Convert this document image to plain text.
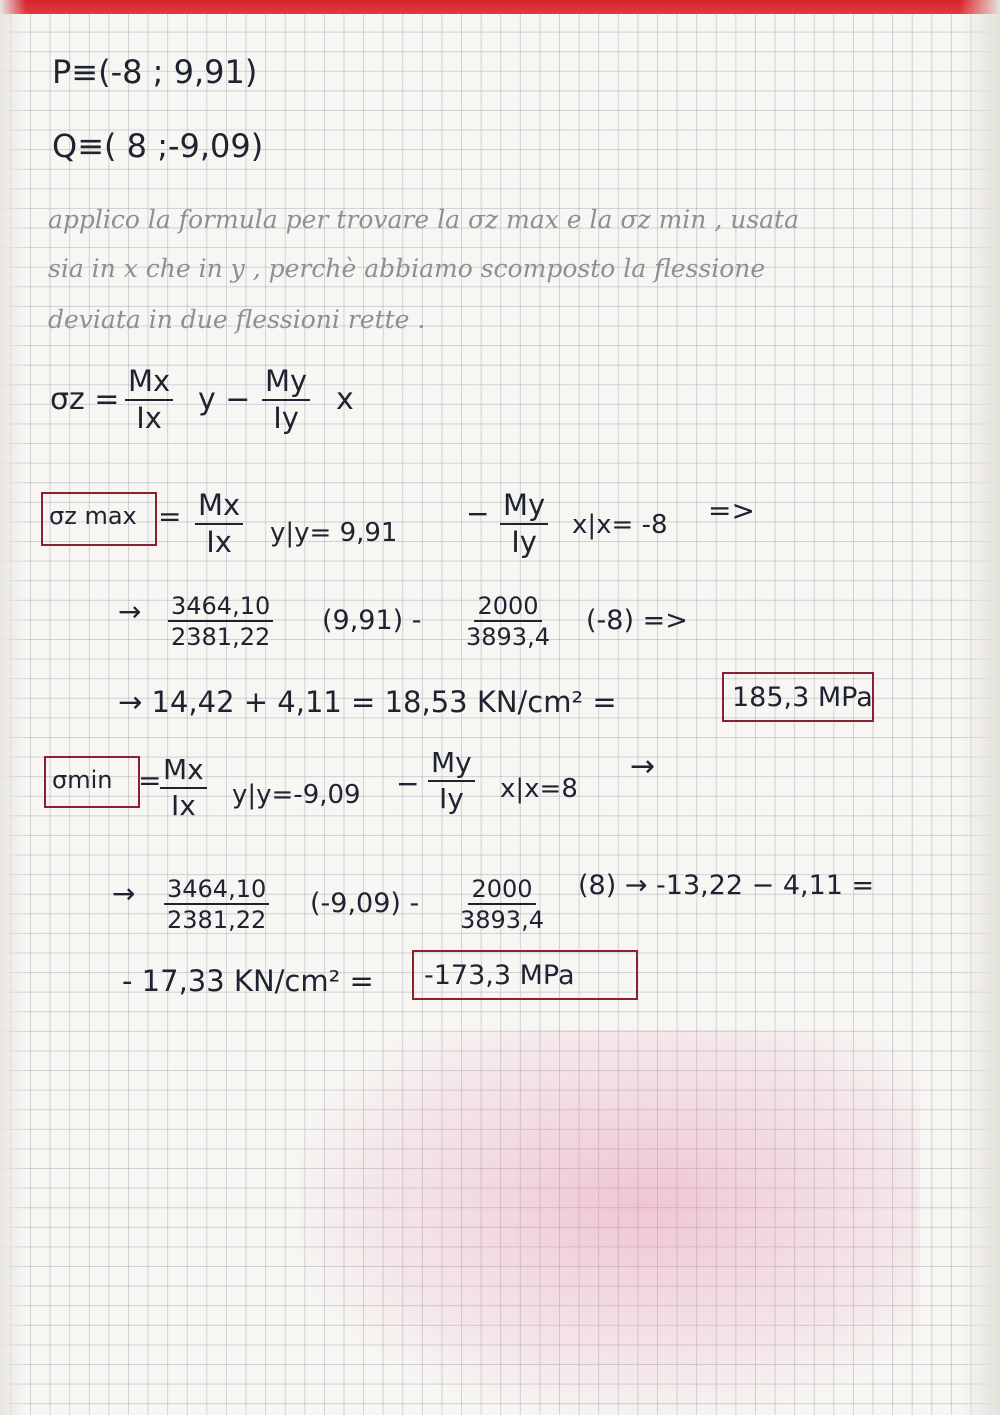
P≡(-8 ; 9,91)
Q≡( 8 ;-9,09)
applico la formula per trovare la σz max e la σz min , usata
sia in x che in y , perchè abbiamo scomposto la flessione
deviata in due flessioni rette .
$\sigma z = \frac{Mx}{Ix}$ $y - \frac{My}{Iy}$ x
σz $\max = \frac{Mx}{Ix} y|y= 9,91$
− $\frac{My}{Iy} x|x= -8$ =>
→ $\frac{3464,10}{2381,22} (9,91) - \frac{2000}{3893,4} (-8)$ =>
→ 14,42 + 4,11 = 18,53 KN/cm² =	185,3 MPa
σmin =
$\frac{Mx}{Ix} y|y=-9,09 - \frac{My}{Iy} x|x=8$
→
→ $\frac{3464,10}{2381,22} (-9,09) - \frac{2000}{3893,4} (8) \to -13,22 - 4,11$ =
- 17,33 KN/cm² = -173,3 MPa
